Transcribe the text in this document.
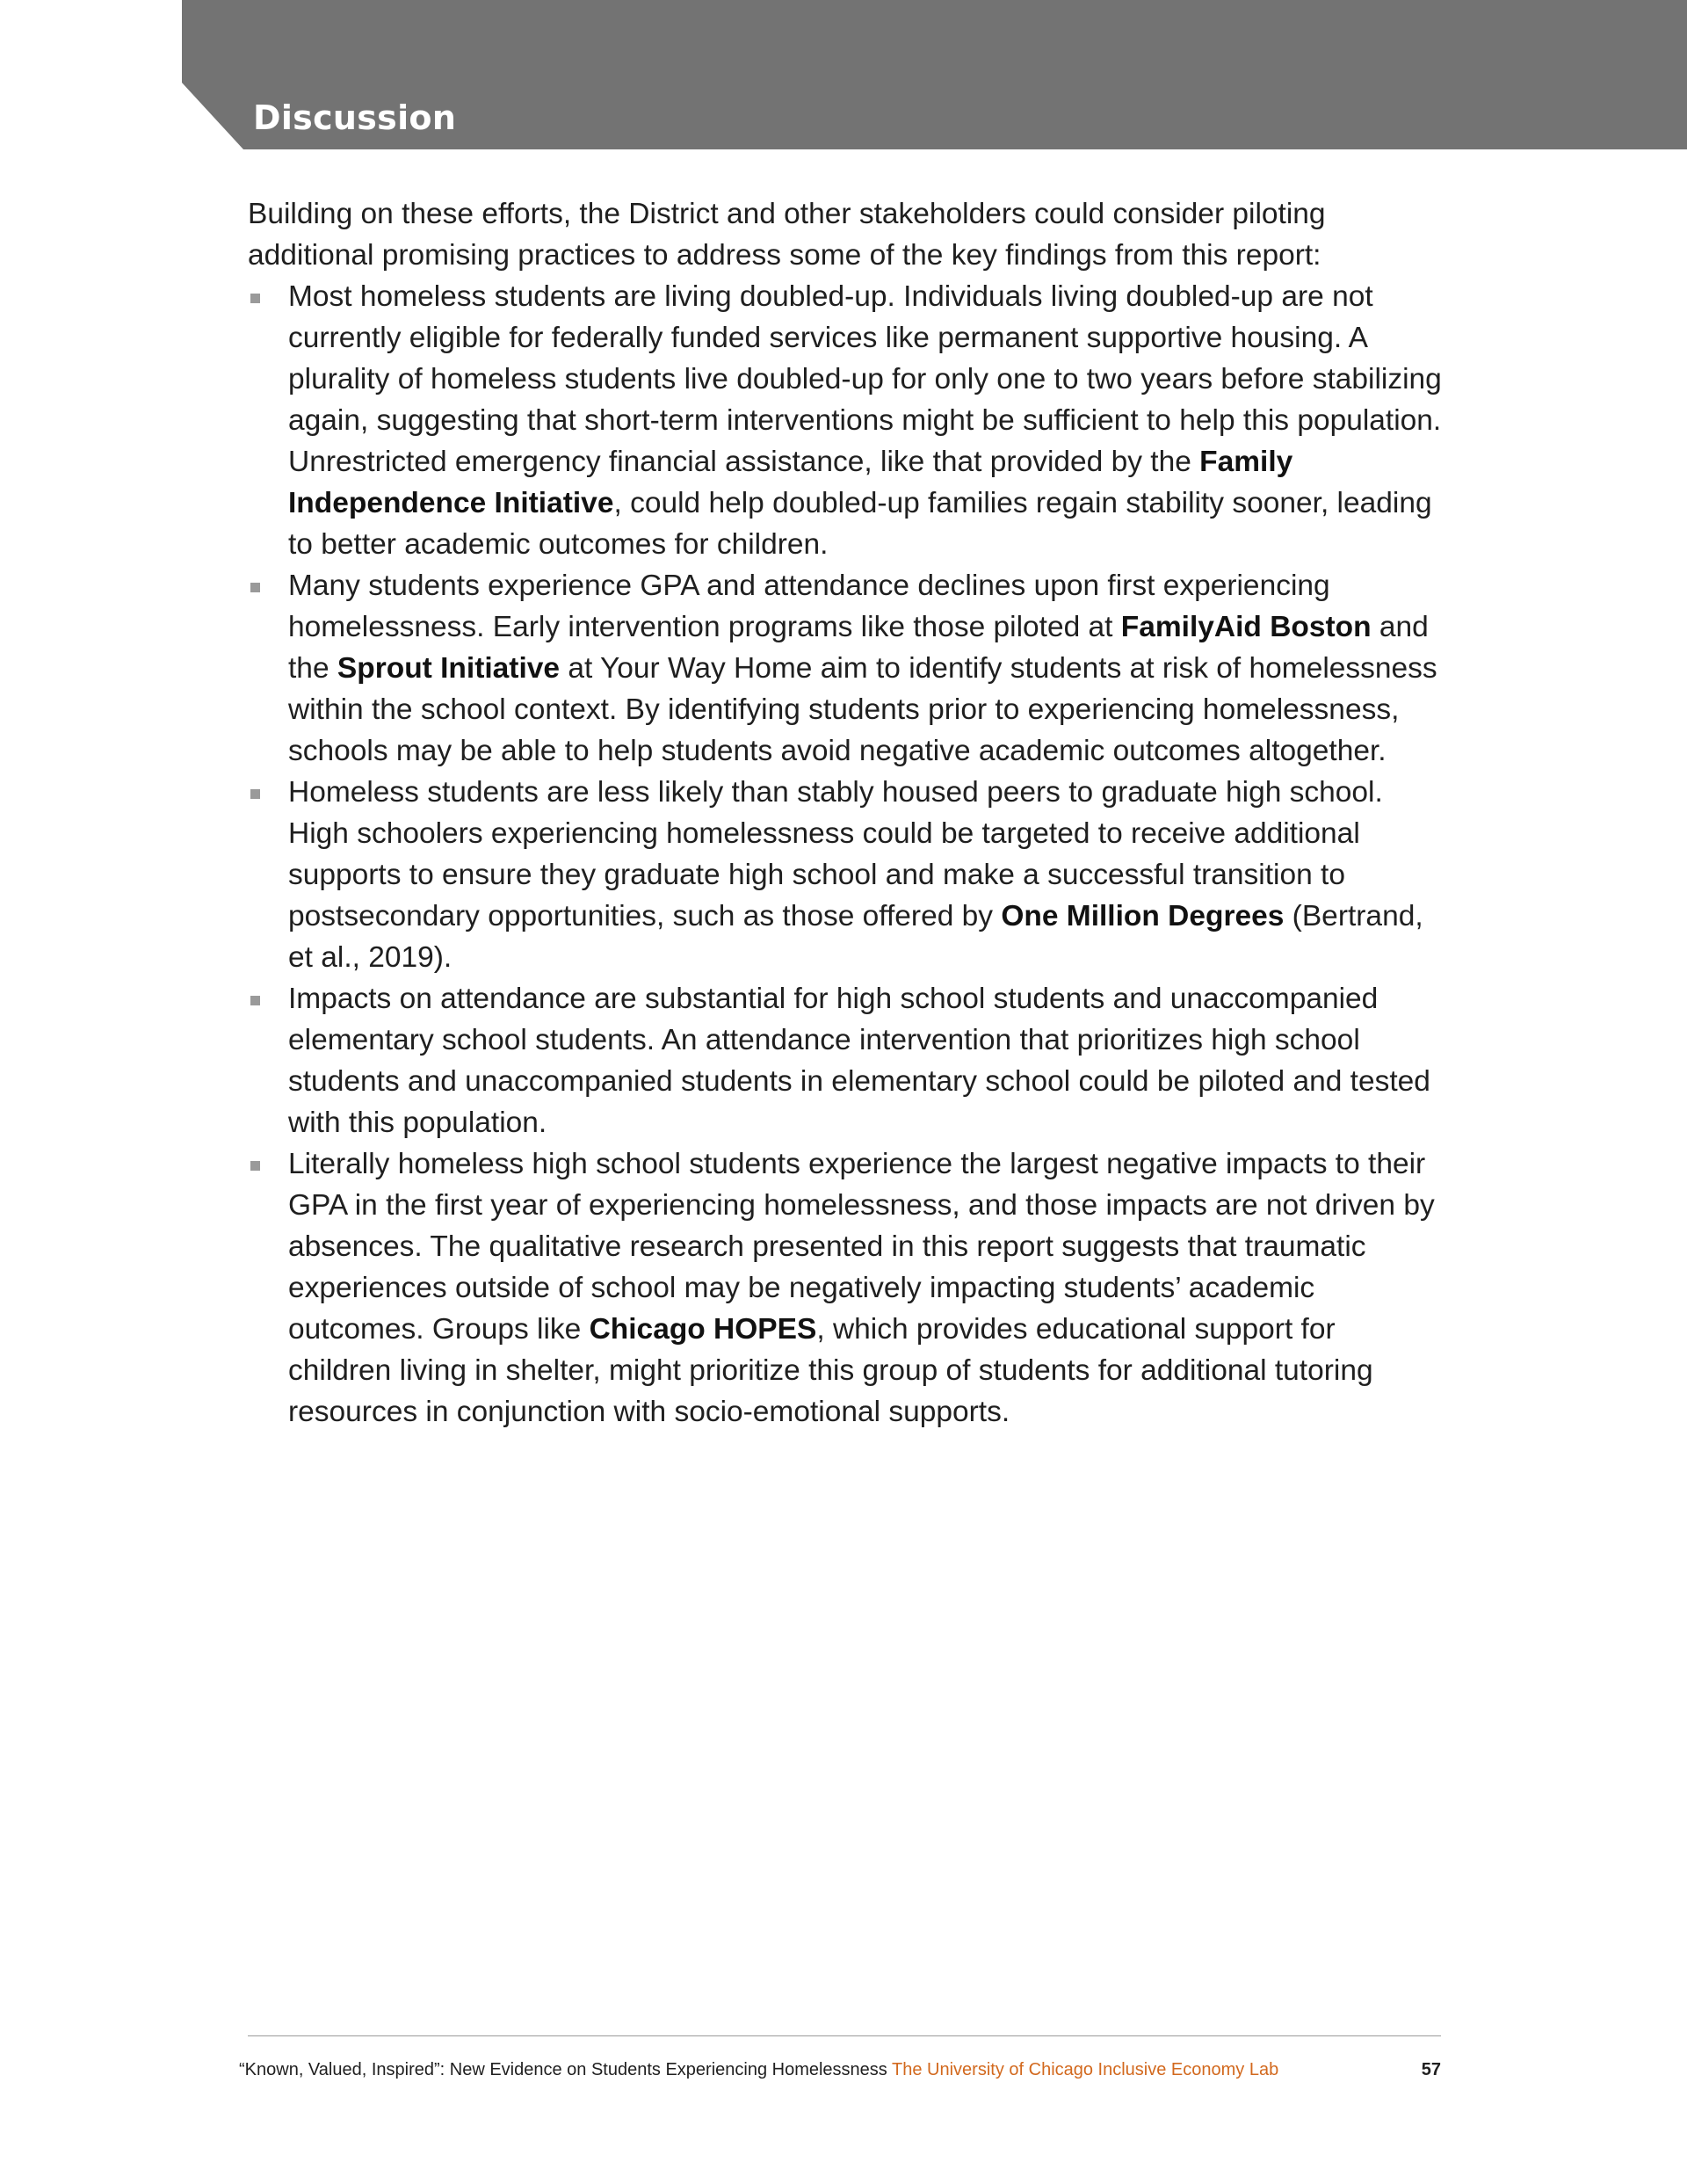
Discussion

Building on these efforts, the District and other stakeholders could consider piloting additional promising practices to address some of the key findings from this report:

Most homeless students are living doubled-up. Individuals living doubled-up are not currently eligible for federally funded services like permanent supportive housing. A plurality of homeless students live doubled-up for only one to two years before stabilizing again, suggesting that short-term interventions might be sufficient to help this population. Unrestricted emergency financial assistance, like that provided by the Family Independence Initiative, could help doubled-up families regain stability sooner, leading to better academic outcomes for children.
Many students experience GPA and attendance declines upon first experiencing homelessness. Early intervention programs like those piloted at FamilyAid Boston and the Sprout Initiative at Your Way Home aim to identify students at risk of homelessness within the school context. By identifying students prior to experiencing homelessness, schools may be able to help students avoid negative academic outcomes altogether.
Homeless students are less likely than stably housed peers to graduate high school. High schoolers experiencing homelessness could be targeted to receive additional supports to ensure they graduate high school and make a successful transition to postsecondary opportunities, such as those offered by One Million Degrees (Bertrand, et al., 2019).
Impacts on attendance are substantial for high school students and unaccompanied elementary school students. An attendance intervention that prioritizes high school students and unaccompanied students in elementary school could be piloted and tested with this population.
Literally homeless high school students experience the largest negative impacts to their GPA in the first year of experiencing homelessness, and those impacts are not driven by absences. The qualitative research presented in this report suggests that traumatic experiences outside of school may be negatively impacting students’ academic outcomes. Groups like Chicago HOPES, which provides educational support for children living in shelter, might prioritize this group of students for additional tutoring resources in conjunction with socio-emotional supports.
“Known, Valued, Inspired”: New Evidence on Students Experiencing Homelessness The University of Chicago Inclusive Economy Lab	57
